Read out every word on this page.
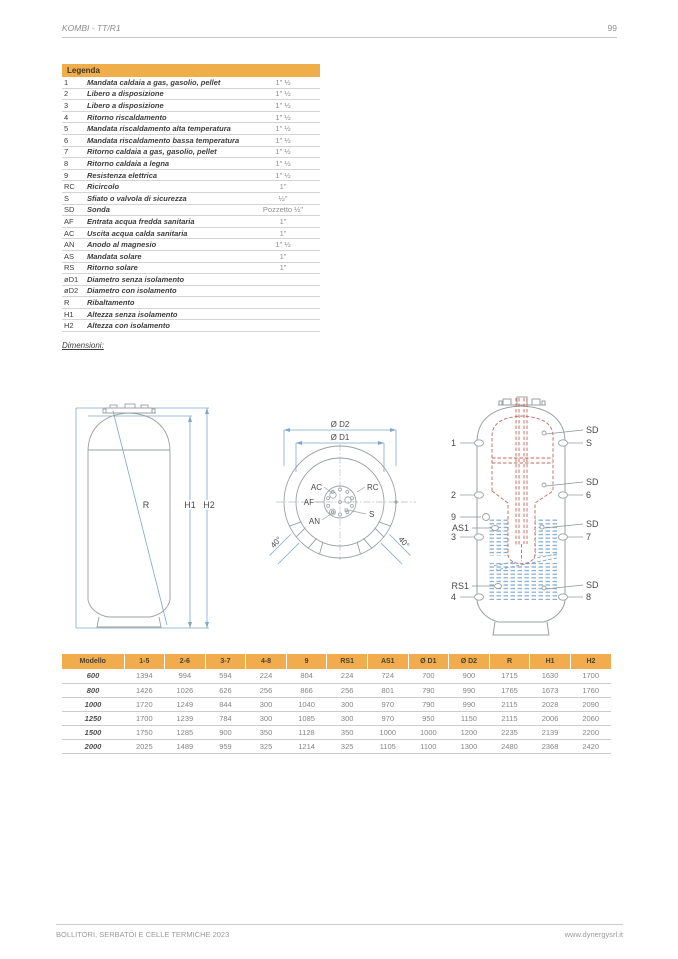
KOMBI - TT/R1	99
Legenda
1	Mandata caldaia a gas, gasolio, pellet	1" ½
2	Libero a disposizione	1" ½
3	Libero a disposizione	1" ½
4	Ritorno riscaldamento	1" ½
5	Mandata riscaldamento alta temperatura	1" ½
6	Mandata riscaldamento bassa temperatura	1" ½
7	Ritorno caldaia a gas, gasolio, pellet	1" ½
8	Ritorno caldaia a legna	1" ½
9	Resistenza elettrica	1" ½
RC	Ricircolo	1"
S	Sfiato o valvola di sicurezza	½"
SD	Sonda	Pozzetto ½"
AF	Entrata acqua fredda sanitaria	1"
AC	Uscita acqua calda sanitaria	1"
AN	Anodo al magnesio	1" ½
AS	Mandata solare	1"
RS	Ritorno solare	1"
øD1	Diametro senza isolamento
øD2	Diametro con isolamento
R	Ribaltamento
H1	Altezza senza isolamento
H2	Altezza con isolamento
Dimensioni:
R	H1 H2
Ø D2
Ø D1
AC
AF
AN
RC
S
40°	40°
1
2
9
AS1
3
RS1
4
SD
S
SD
6
SD
7
SD
8
Modello	1-5	2-6	3-7	4-8	9	RS1	AS1	Ø D1	Ø D2	R	H1	H2
600	1394	994	594	224	804	224	724	700	900	1715	1630	1700
800	1426	1026	626	256	866	256	801	790	990	1765	1673	1760
1000	1720	1249	844	300	1040	300	970	790	990	2115	2028	2090
1250	1700	1239	784	300	1085	300	970	950	1150	2115	2006	2060
1500	1750	1285	900	350	1128	350	1000	1000	1200	2235	2139	2200
2000	2025	1489	959	325	1214	325	1105	1100	1300	2480	2368	2420
BOLLITORI, SERBATOI E CELLE TERMICHE 2023	www.dynergysrl.it
